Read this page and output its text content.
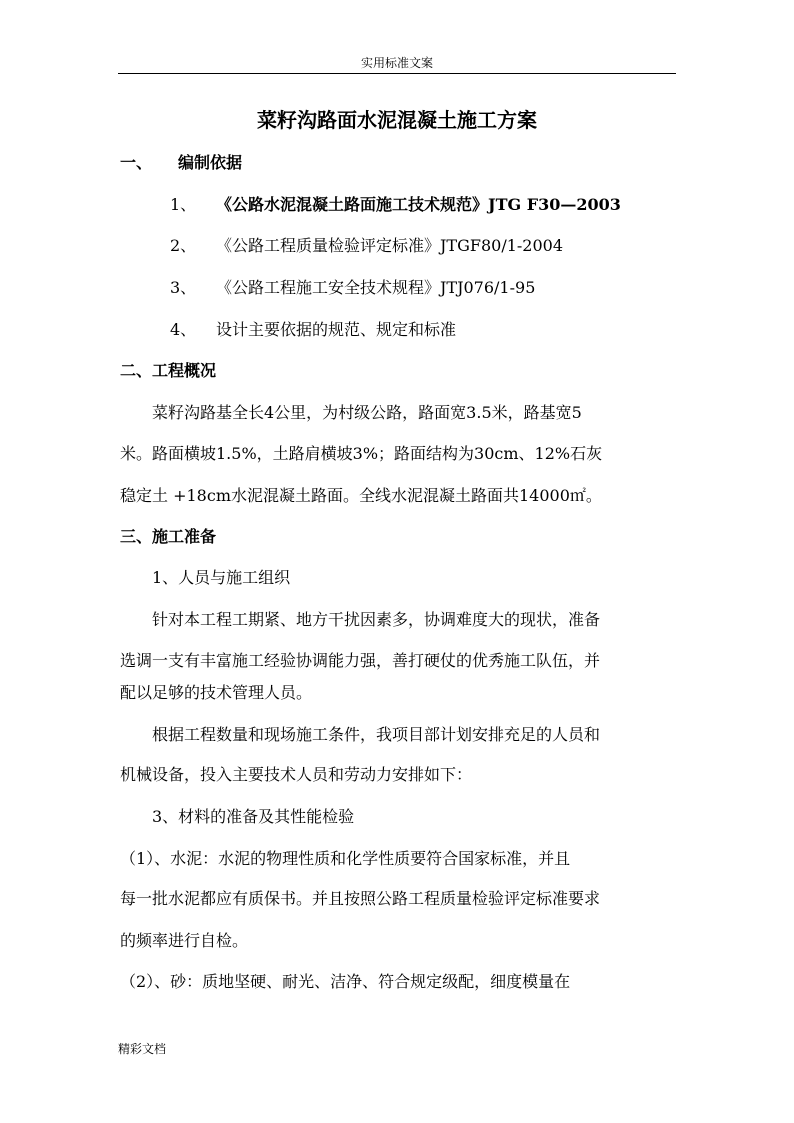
实用标准文案
菜籽沟路面水泥混凝土施工方案
一、 编制依据
1、 《公路水泥混凝土路面施工技术规范》JTG F30—2003
2、 《公路工程质量检验评定标准》JTGF80/1-2004
3、 《公路工程施工安全技术规程》JTJ076/1-95
4、 设计主要依据的规范、规定和标准
二、工程概况
菜籽沟路基全长4公里，为村级公路，路面宽3.5米，路基宽5
米。路面横坡1.5%，土路肩横坡3%；路面结构为30cm、12%石灰
稳定土 +18cm水泥混凝土路面。全线水泥混凝土路面共14000㎡。
三、施工准备
1、人员与施工组织
针对本工程工期紧、地方干扰因素多，协调难度大的现状，准备
选调一支有丰富施工经验协调能力强，善打硬仗的优秀施工队伍，并
配以足够的技术管理人员。
根据工程数量和现场施工条件，我项目部计划安排充足的人员和
机械设备，投入主要技术人员和劳动力安排如下：
3、材料的准备及其性能检验
（1）、水泥：水泥的物理性质和化学性质要符合国家标准，并且
每一批水泥都应有质保书。并且按照公路工程质量检验评定标准要求
的频率进行自检。
（2）、砂：质地坚硬、耐光、洁净、符合规定级配，细度模量在
精彩文档
